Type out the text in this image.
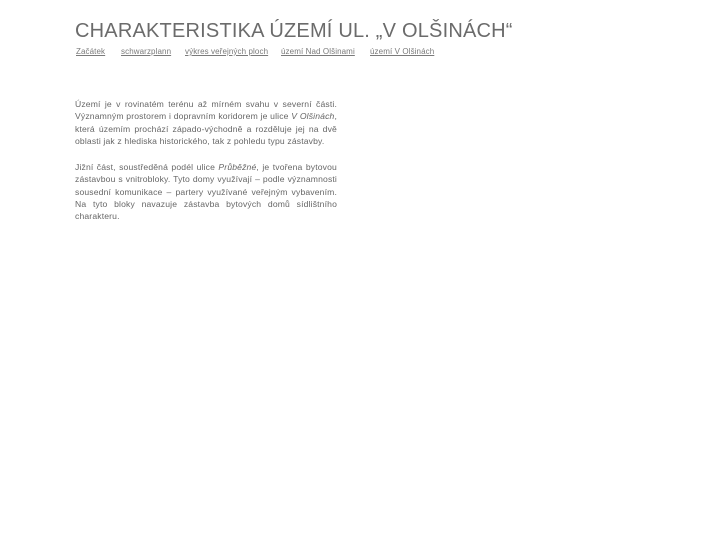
CHARAKTERISTIKA ÚZEMÍ UL. „V OLŠINÁCH“
Začátek schwarzplann výkres veřejných ploch území Nad Olšinami území V Olšinách

Území je v rovinatém terénu až mírném svahu v severní části. Významným prostorem i dopravním koridorem je ulice V Olšinách, která územím prochází západo-východně a rozděluje jej na dvě oblasti jak z hlediska historického, tak z pohledu typu zástavby.

Jižní část, soustředěná podél ulice Průběžné, je tvořena bytovou zástavbou s vnitrobloky. Tyto domy využívají – podle významnosti sousední komunikace – partery využívané veřejným vybavením. Na tyto bloky navazuje zástavba bytových domů sídlištního charakteru.
